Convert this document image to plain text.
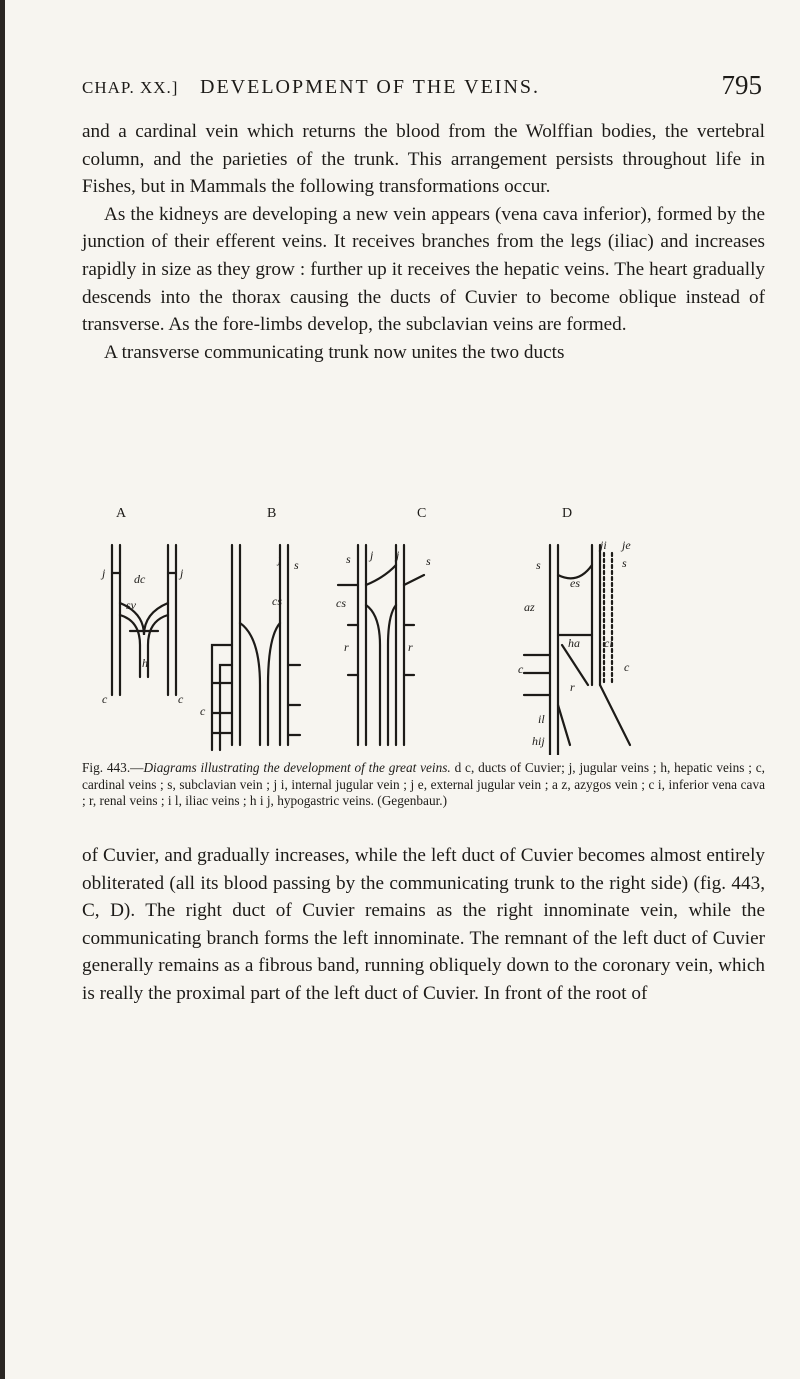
CHAP. XX.] DEVELOPMENT OF THE VEINS.	795

and a cardinal vein which returns the blood from the Wolffian bodies, the vertebral column, and the parieties of the trunk. This arrangement persists throughout life in Fishes, but in Mammals the following transformations occur.

As the kidneys are developing a new vein appears (vena cava inferior), formed by the junction of their efferent veins. It receives branches from the legs (iliac) and increases rapidly in size as they grow : further up it receives the hepatic veins. The heart gradually descends into the thorax causing the ducts of Cuvier to become oblique instead of transverse. As the fore-limbs develop, the subclavian veins are formed.

A transverse communicating trunk now unites the two ducts

A	B	C	D
j dc	j
sv
h
c	c
j s
cs
c
s j j s
cs
r	r
ji je
s	s
es
az
ha ci
c
c
r
il
hij

Fig. 443.—Diagrams illustrating the development of the great veins. d c, ducts of Cuvier; j, jugular veins ; h, hepatic veins ; c, cardinal veins ; s, subclavian vein ; j i, internal jugular vein ; j e, external jugular vein ; a z, azygos vein ; c i, inferior vena cava ; r, renal veins ; i l, iliac veins ; h i j, hypogastric veins. (Gegenbaur.)

of Cuvier, and gradually increases, while the left duct of Cuvier becomes almost entirely obliterated (all its blood passing by the communicating trunk to the right side) (fig. 443, C, D). The right duct of Cuvier remains as the right innominate vein, while the communicating branch forms the left innominate. The remnant of the left duct of Cuvier generally remains as a fibrous band, running obliquely down to the coronary vein, which is really the proximal part of the left duct of Cuvier. In front of the root of
